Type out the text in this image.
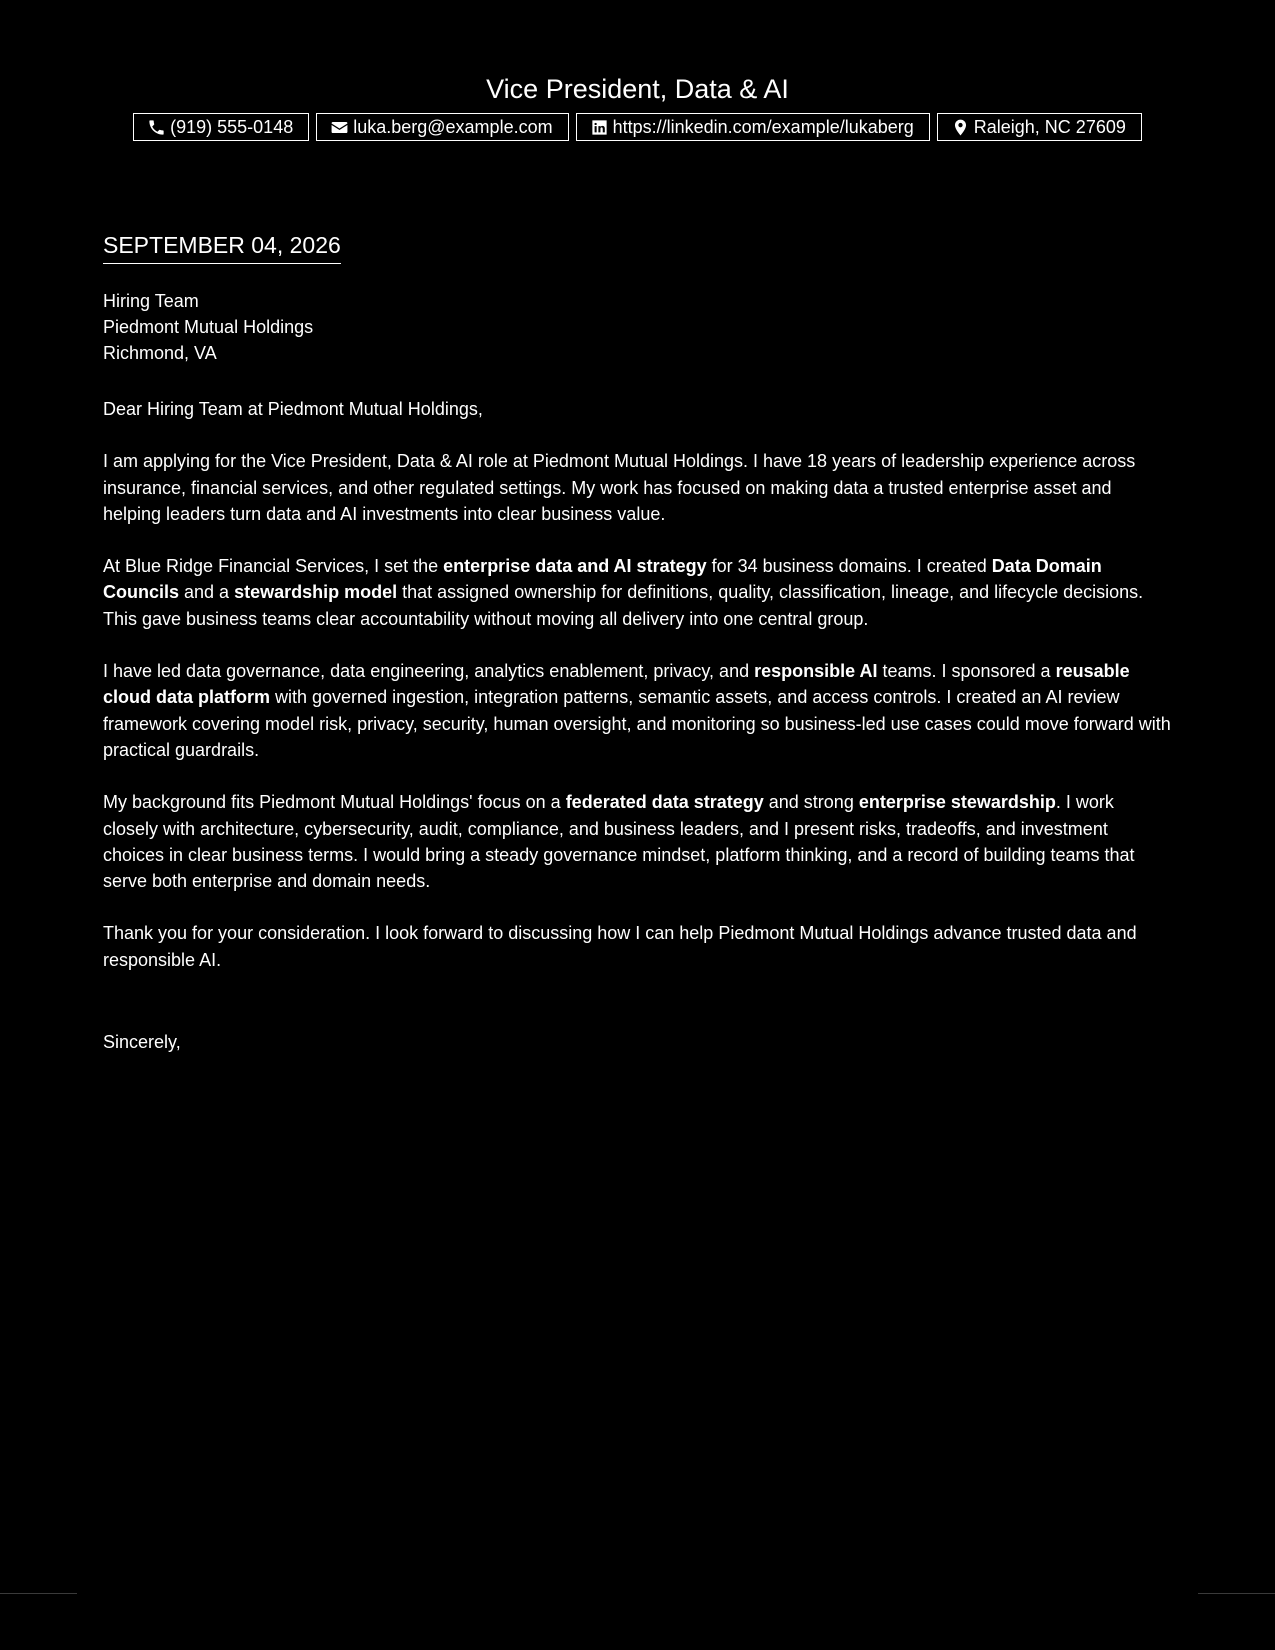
Vice President, Data & AI
(919) 555-0148	luka.berg@example.com	https://linkedin.com/example/lukaberg	Raleigh, NC 27609
SEPTEMBER 04, 2026
Hiring Team
Piedmont Mutual Holdings
Richmond, VA

Dear Hiring Team at Piedmont Mutual Holdings,

I am applying for the Vice President, Data & AI role at Piedmont Mutual Holdings. I have 18 years of leadership experience across insurance, financial services, and other regulated settings. My work has focused on making data a trusted enterprise asset and helping leaders turn data and AI investments into clear business value.

At Blue Ridge Financial Services, I set the enterprise data and AI strategy for 34 business domains. I created Data Domain Councils and a stewardship model that assigned ownership for definitions, quality, classification, lineage, and lifecycle decisions. This gave business teams clear accountability without moving all delivery into one central group.

I have led data governance, data engineering, analytics enablement, privacy, and responsible AI teams. I sponsored a reusable cloud data platform with governed ingestion, integration patterns, semantic assets, and access controls. I created an AI review framework covering model risk, privacy, security, human oversight, and monitoring so business-led use cases could move forward with practical guardrails.

My background fits Piedmont Mutual Holdings' focus on a federated data strategy and strong enterprise stewardship. I work closely with architecture, cybersecurity, audit, compliance, and business leaders, and I present risks, tradeoffs, and investment choices in clear business terms. I would bring a steady governance mindset, platform thinking, and a record of building teams that serve both enterprise and domain needs.

Thank you for your consideration. I look forward to discussing how I can help Piedmont Mutual Holdings advance trusted data and responsible AI.

Sincerely,
